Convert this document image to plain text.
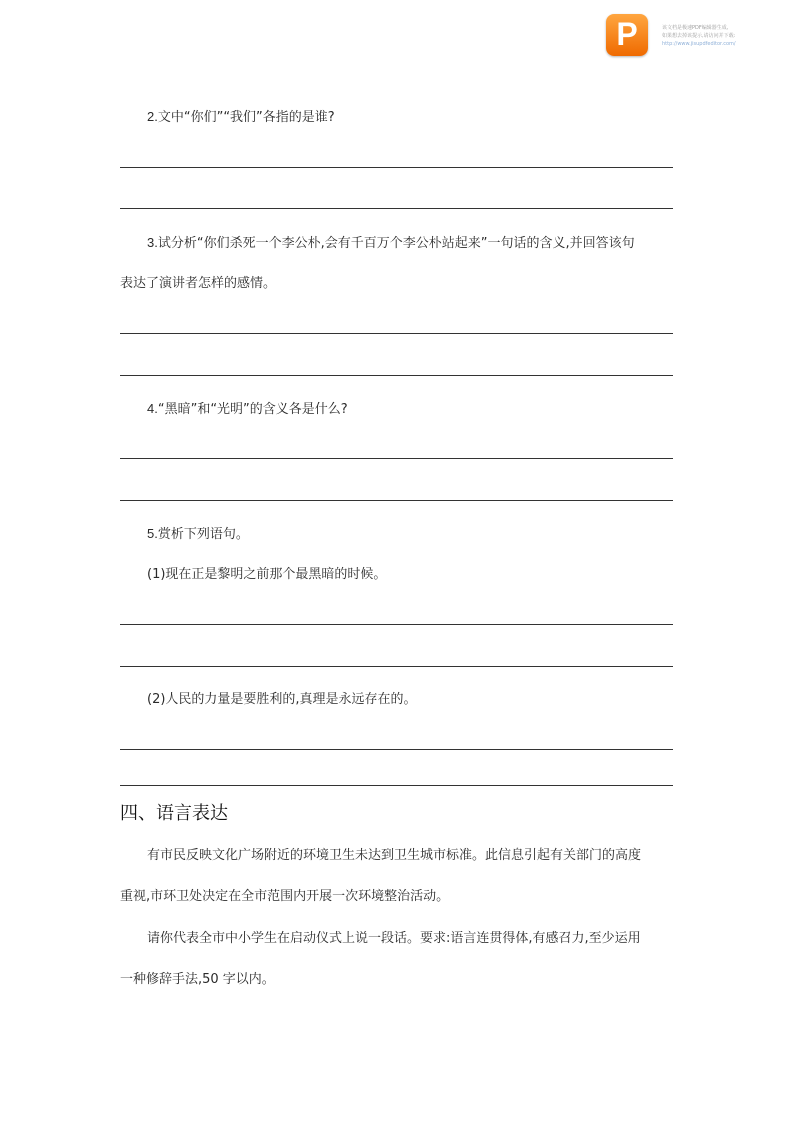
P	该文档是极速PDF编辑器生成,
如果想去掉该提示,请访问并下载:
http://www.jisupdfeditor.com/
2.文中“你们”“我们”各指的是谁?
3.试分析“你们杀死一个李公朴,会有千百万个李公朴站起来”一句话的含义,并回答该句
表达了演讲者怎样的感情。
4.“黑暗”和“光明”的含义各是什么?
5.赏析下列语句。
(1)现在正是黎明之前那个最黑暗的时候。
(2)人民的力量是要胜利的,真理是永远存在的。
四、语言表达
有市民反映文化广场附近的环境卫生未达到卫生城市标准。此信息引起有关部门的高度
重视,市环卫处决定在全市范围内开展一次环境整治活动。
请你代表全市中小学生在启动仪式上说一段话。要求:语言连贯得体,有感召力,至少运用
一种修辞手法,50 字以内。
